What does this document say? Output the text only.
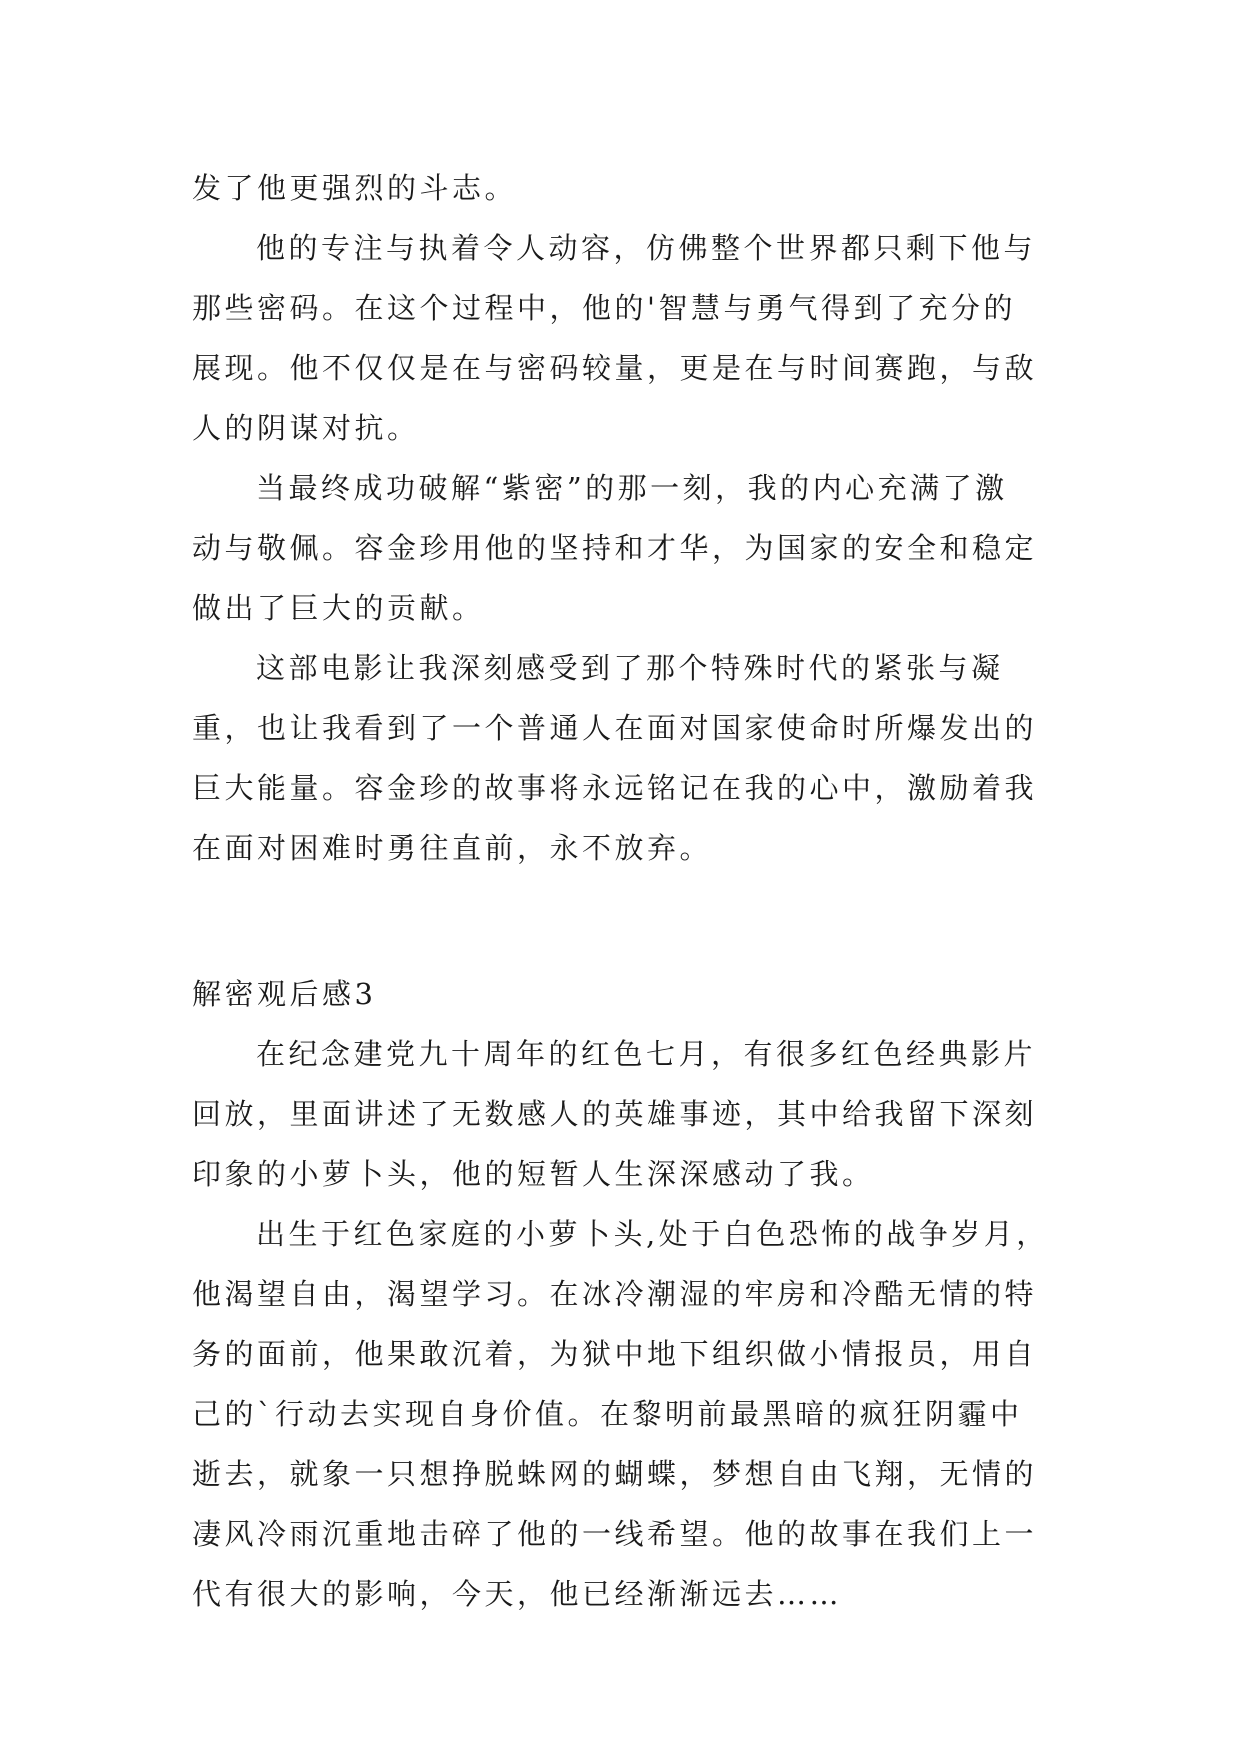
发了他更强烈的斗志。
他的专注与执着令人动容，仿佛整个世界都只剩下他与
那些密码。在这个过程中，他的'智慧与勇气得到了充分的
展现。他不仅仅是在与密码较量，更是在与时间赛跑，与敌
人的阴谋对抗。
当最终成功破解“紫密”的那一刻，我的内心充满了激
动与敬佩。容金珍用他的坚持和才华，为国家的安全和稳定
做出了巨大的贡献。
这部电影让我深刻感受到了那个特殊时代的紧张与凝
重，也让我看到了一个普通人在面对国家使命时所爆发出的
巨大能量。容金珍的故事将永远铭记在我的心中，激励着我
在面对困难时勇往直前，永不放弃。
解密观后感3
在纪念建党九十周年的红色七月，有很多红色经典影片
回放，里面讲述了无数感人的英雄事迹，其中给我留下深刻
印象的小萝卜头，他的短暂人生深深感动了我。
出生于红色家庭的小萝卜头,处于白色恐怖的战争岁月，
他渴望自由，渴望学习。在冰冷潮湿的牢房和冷酷无情的特
务的面前，他果敢沉着，为狱中地下组织做小情报员，用自
己的`行动去实现自身价值。在黎明前最黑暗的疯狂阴霾中
逝去，就象一只想挣脱蛛网的蝴蝶，梦想自由飞翔，无情的
凄风冷雨沉重地击碎了他的一线希望。他的故事在我们上一
代有很大的影响，今天，他已经渐渐远去……
